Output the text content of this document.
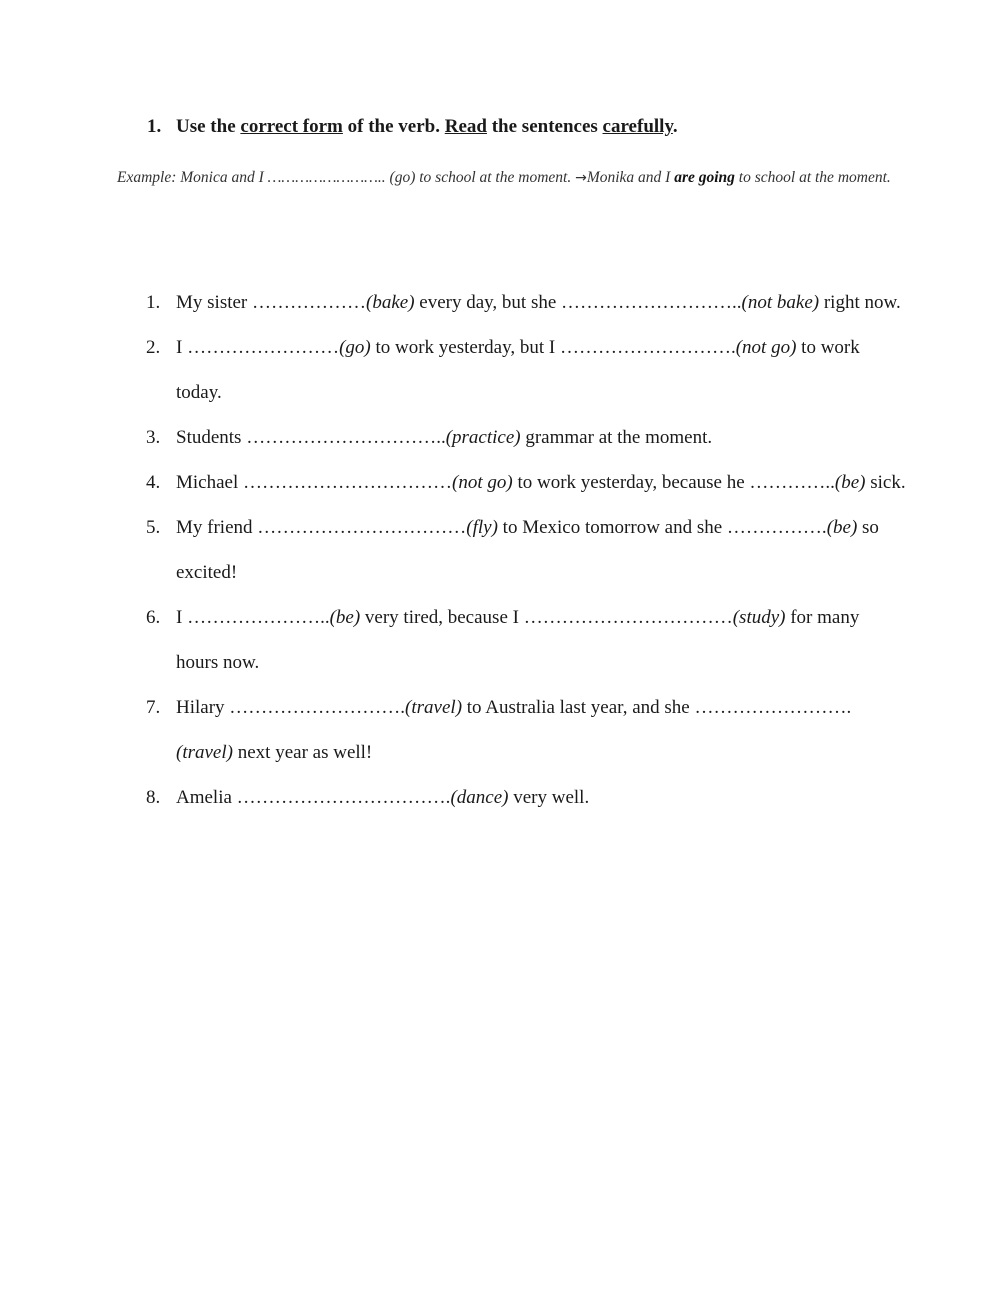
1. Use the correct form of the verb. Read the sentences carefully.
Example: Monica and I …………………….. (go) to school at the moment. →Monika and I are going to school at the moment.
1. My sister ………………(bake) every day, but she ………………………..(not bake) right now.
2. I ……………………(go) to work yesterday, but I ……………………….(not go) to work today.
3. Students …………………………..(practice) grammar at the moment.
4. Michael ……………………………(not go) to work yesterday, because he …………..(be) sick.
5. My friend ……………………………(fly) to Mexico tomorrow and she …………….(be) so excited!
6. I …………………..(be) very tired, because I ……………………………(study) for many hours now.
7. Hilary ……………………….(travel) to Australia last year, and she …………………….(travel) next year as well!
8. Amelia …………………………….(dance) very well.
